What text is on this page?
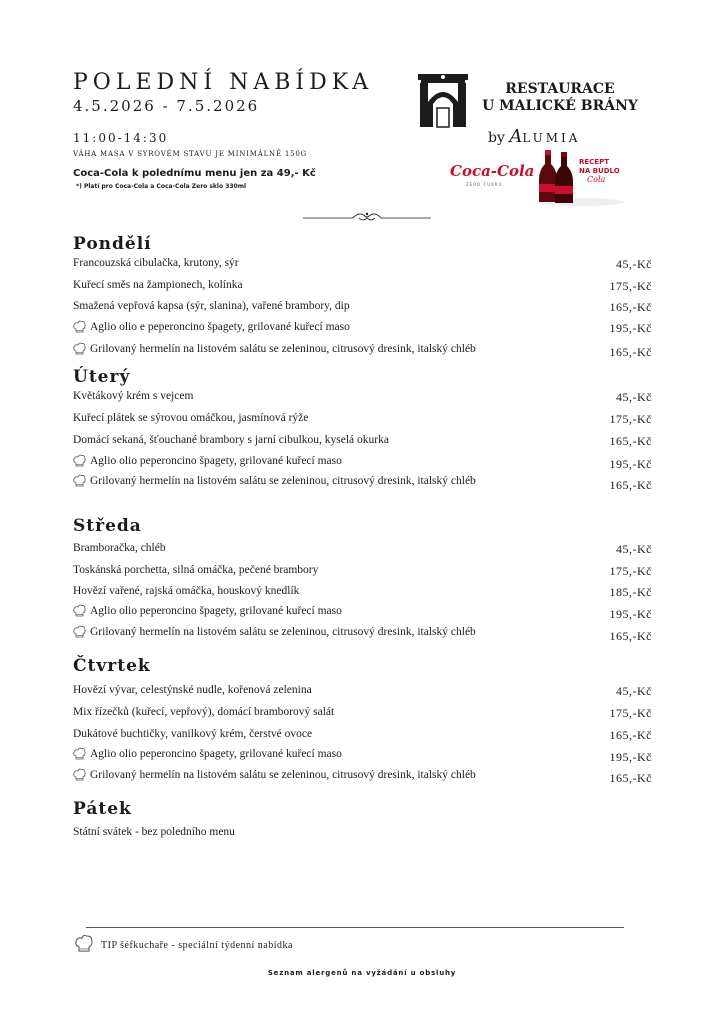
POLEDNÍ NABÍDKA
4.5.2026 - 7.5.2026
11:00-14:30
VÁHA MASA V SYROVÉM STAVU JE MINIMÁLNĚ 150G
Coca-Cola k polednímu menu jen za 49,- Kč
*) Platí pro Coca-Cola a Coca-Cola Zero sklo 330ml
RESTAURACE
U MALICKÉ BRÁNY
by ALUMIA
Coca-Cola
ZERO CUKRU
RECEPT
NA BUDLO
Cola
Pondělí
Úterý
Středa
Čtvrtek
Pátek
Francouzská cibulačka, krutony, sýr	45,-Kč
Kuřecí směs na žampionech, kolínka	175,-Kč
Smažená vepřová kapsa (sýr, slanina), vařené brambory, dip	165,-Kč
Aglio olio e peperoncino špagety, grilované kuřecí maso	195,-Kč
Grilovaný hermelín na listovém salátu se zeleninou, citrusový dresink, italský chléb	165,-Kč
Květákový krém s vejcem	45,-Kč
Kuřecí plátek se sýrovou omáčkou, jasmínová rýže	175,-Kč
Domácí sekaná, šťouchané brambory s jarní cibulkou, kyselá okurka	165,-Kč
Aglio olio peperoncino špagety, grilované kuřecí maso	195,-Kč
Grilovaný hermelín na listovém salátu se zeleninou, citrusový dresink, italský chléb	165,-Kč
Bramboračka, chléb	45,-Kč
Toskánská porchetta, silná omáčka, pečené brambory	175,-Kč
Hovězí vařené, rajská omáčka, houskový knedlík	185,-Kč
Aglio olio peperoncino špagety, grilované kuřecí maso	195,-Kč
Grilovaný hermelín na listovém salátu se zeleninou, citrusový dresink, italský chléb	165,-Kč
Hovězí vývar, celestýnské nudle, kořenová zelenina	45,-Kč
Mix řízečků (kuřecí, vepřový), domácí bramborový salát	175,-Kč
Dukátové buchtičky, vanilkový krém, čerstvé ovoce	165,-Kč
Aglio olio peperoncino špagety, grilované kuřecí maso	195,-Kč
Grilovaný hermelín na listovém salátu se zeleninou, citrusový dresink, italský chléb	165,-Kč
Státní svátek - bez poledního menu
TIP šéfkuchaře - speciální týdenní nabídka
Seznam alergenů na vyžádání u obsluhy
